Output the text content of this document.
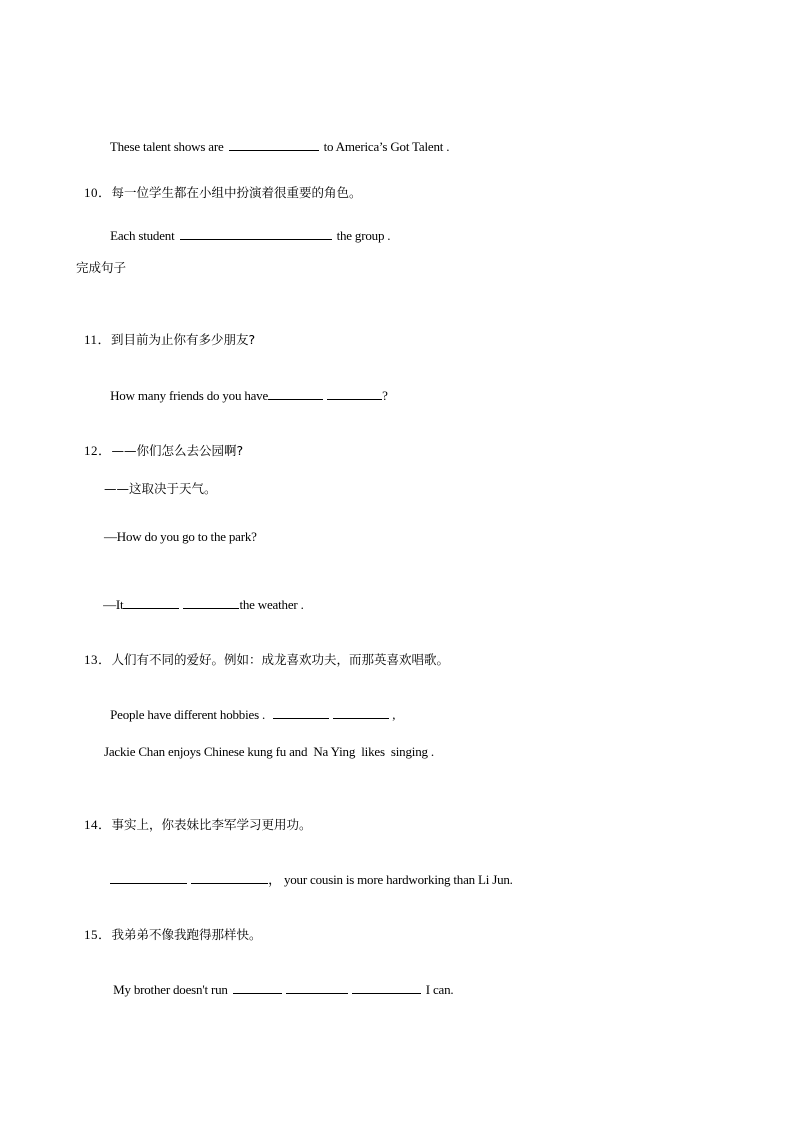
These talent shows are	to America’s Got Talent .

10．每一位学生都在小组中扮演着很重要的角色。

Each student	the group .

完成句子

11．到目前为止你有多少朋友?

How many friends do you have	?

12．——你们怎么去公园啊?

——这取决于天气。
—How do you go to the park?

—It	the weather .

13．人们有不同的爱好。例如：成龙喜欢功夫，而那英喜欢唱歌。

People have different hobbies .	,

Jackie Chan enjoys Chinese kung fu and  Na Ying  likes  singing .

14．事实上，你表妹比李军学习更用功。

， your cousin is more hardworking than Li Jun.

15．我弟弟不像我跑得那样快。

My brother doesn't run	I can.
